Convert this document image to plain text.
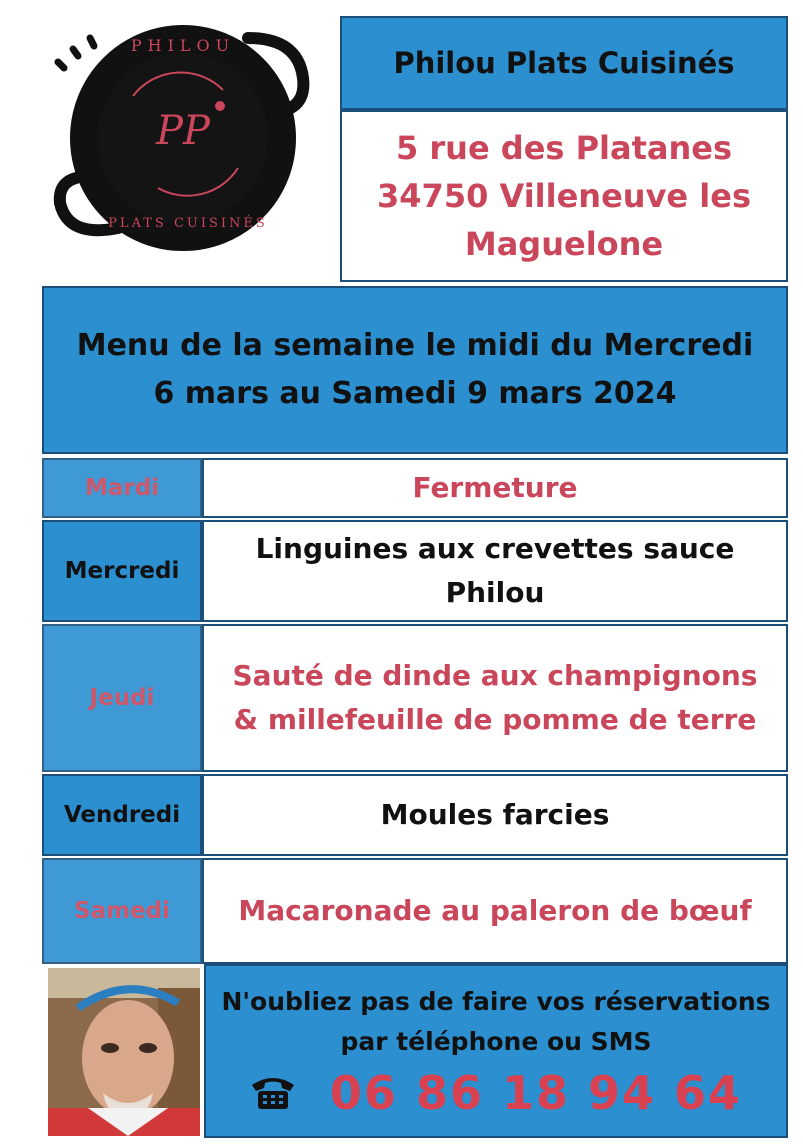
PHILOU
PP
PLATS CUISINÉS
Philou Plats Cuisinés
5 rue des Platanes
34750 Villeneuve les
Maguelone
Menu de la semaine le midi du Mercredi
6 mars au Samedi 9 mars 2024
Mardi	Fermeture
Mercredi
Linguines aux crevettes sauce
Philou
Jeudi
Sauté de dinde aux champignons
& millefeuille de pomme de terre
Vendredi	Moules farcies
Samedi Macaronade au paleron de bœuf
N'oubliez pas de faire vos réservations
par téléphone ou SMS
06 86 18 94 64
